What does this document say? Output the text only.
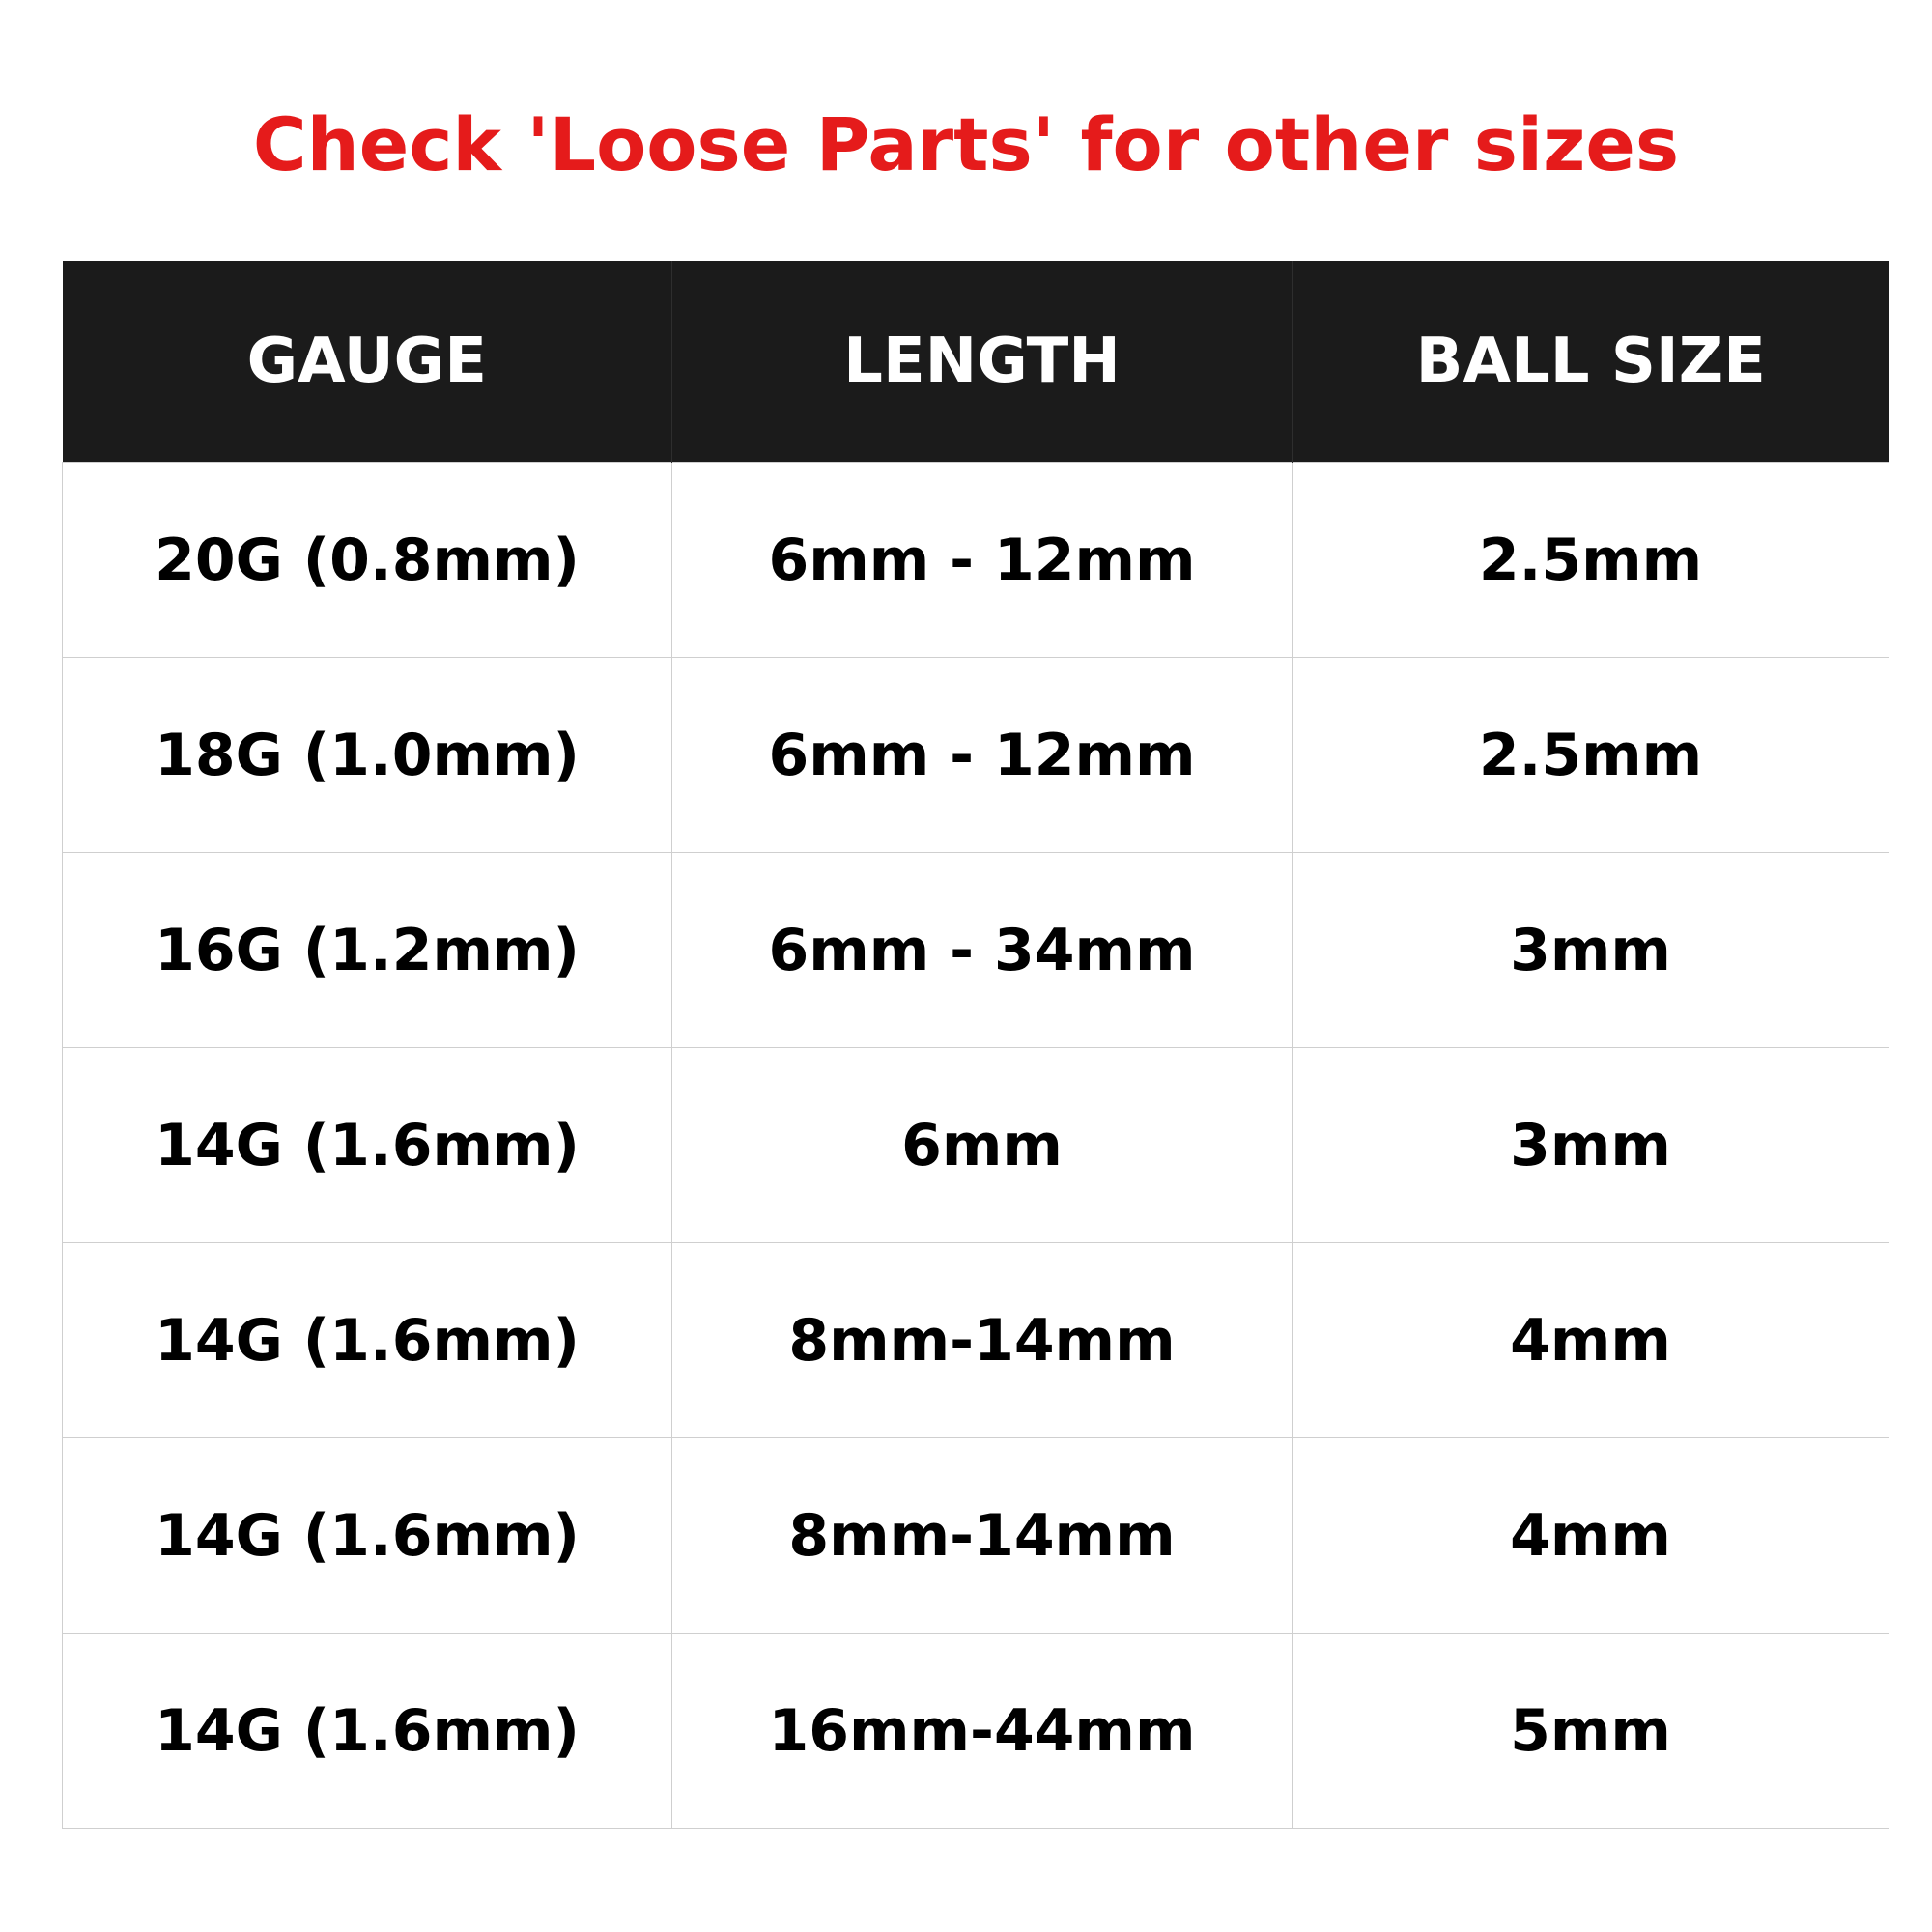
Check 'Loose Parts' for other sizes
GAUGE	LENGTH	BALL SIZE
20G (0.8mm)	6mm - 12mm	2.5mm
18G (1.0mm)	6mm - 12mm	2.5mm
16G (1.2mm)	6mm - 34mm	3mm
14G (1.6mm)	6mm	3mm
14G (1.6mm)	8mm-14mm	4mm
14G (1.6mm)	8mm-14mm	4mm
14G (1.6mm)	16mm-44mm	5mm
